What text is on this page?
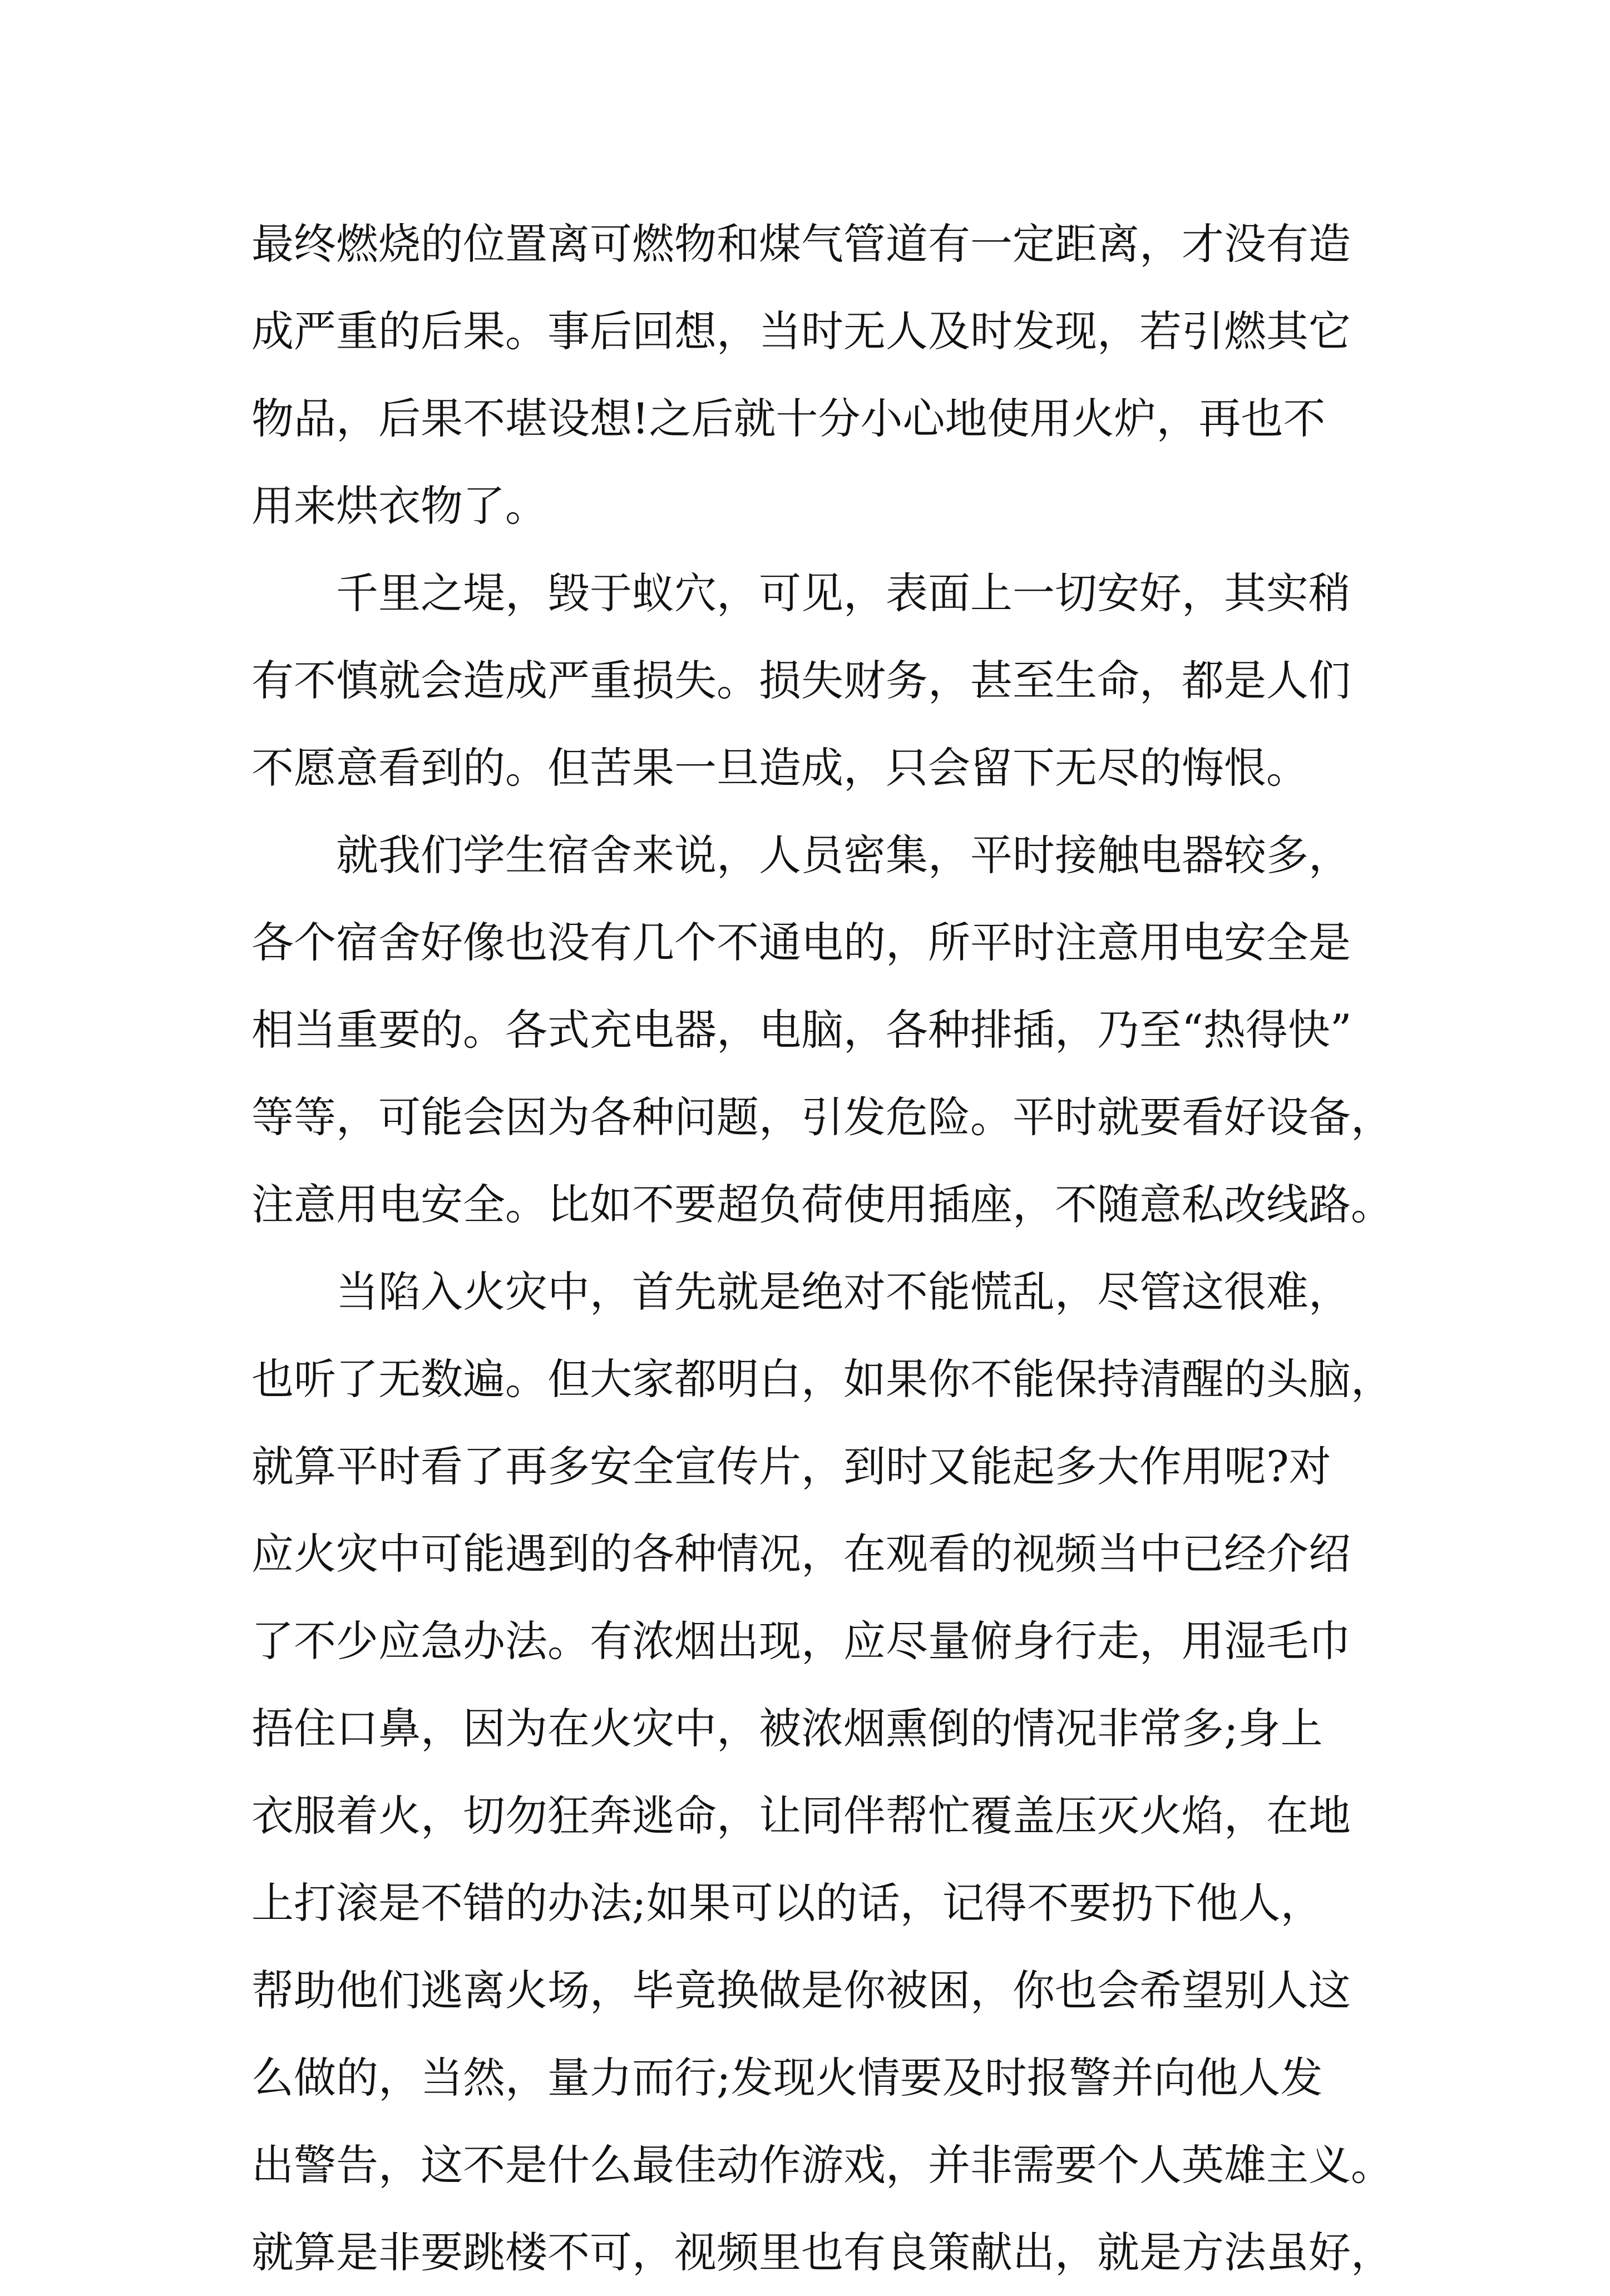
最终燃烧的位置离可燃物和煤气管道有一定距离，才没有造
成严重的后果。事后回想，当时无人及时发现，若引燃其它
物品，后果不堪设想!之后就十分小心地使用火炉，再也不
用来烘衣物了。
千里之堤，毁于蚁穴，可见，表面上一切安好，其实稍
有不慎就会造成严重损失。损失财务，甚至生命，都是人们
不愿意看到的。但苦果一旦造成，只会留下无尽的悔恨。
就我们学生宿舍来说，人员密集，平时接触电器较多，
各个宿舍好像也没有几个不通电的，所平时注意用电安全是
相当重要的。各式充电器，电脑，各种排插，乃至“热得快”
等等，可能会因为各种问题，引发危险。平时就要看好设备，
注意用电安全。比如不要超负荷使用插座，不随意私改线路。
当陷入火灾中，首先就是绝对不能慌乱，尽管这很难，
也听了无数遍。但大家都明白，如果你不能保持清醒的头脑，
就算平时看了再多安全宣传片，到时又能起多大作用呢?对
应火灾中可能遇到的各种情况，在观看的视频当中已经介绍
了不少应急办法。有浓烟出现，应尽量俯身行走，用湿毛巾
捂住口鼻，因为在火灾中，被浓烟熏倒的情况非常多;身上
衣服着火，切勿狂奔逃命，让同伴帮忙覆盖压灭火焰，在地
上打滚是不错的办法;如果可以的话，记得不要扔下他人，
帮助他们逃离火场，毕竟换做是你被困，你也会希望别人这
么做的，当然，量力而行;发现火情要及时报警并向他人发
出警告，这不是什么最佳动作游戏，并非需要个人英雄主义。
就算是非要跳楼不可，视频里也有良策献出，就是方法虽好，
